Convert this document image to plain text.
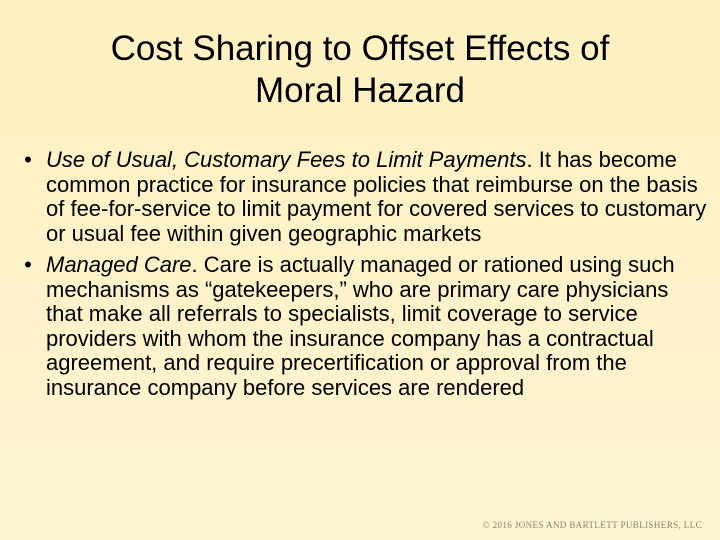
Cost Sharing to Offset Effects of
Moral Hazard
• Use of Usual, Customary Fees to Limit Payments. It has become common practice for insurance policies that reimburse on the basis of fee-for-service to limit payment for covered services to customary or usual fee within given geographic markets
• Managed Care. Care is actually managed or rationed using such mechanisms as “gatekeepers,” who are primary care physicians that make all referrals to specialists, limit coverage to service providers with whom the insurance company has a contractual agreement, and require precertification or approval from the insurance company before services are rendered
© 2016 JONES AND BARTLETT PUBLISHERS, LLC
